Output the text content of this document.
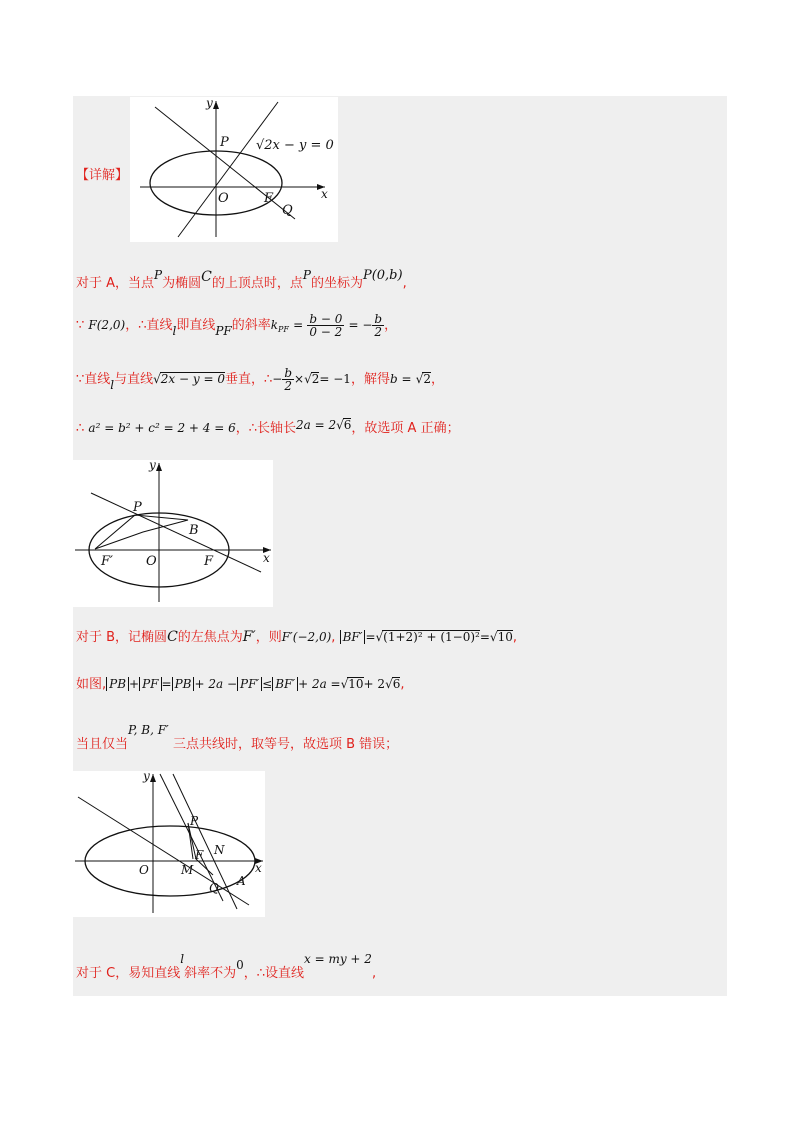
【详解】
y
x
P
O	F
Q
√2x − y = 0
对于 A，当点P为椭圆C的上顶点时，点P的坐标为P(0,b),
∵ F(2,0)，∴直线l即直线PF的斜率$k_{PF} = \frac{b - 0}{0 - 2}$ = − $\frac{b}{2}$ ，
∵直线l与直线√2x − y = 0垂直，∴− $\frac{b}{2} \times√2= -1$，解得b = √2，
∴ a² = b² + c² = 2 + 4 = 6，∴长轴长2a = 2√6，故选项 A 正确；
y
x
P
B
O	F
F′
对于 B，记椭圆C的左焦点为F′，则F′(−2,0), BF′ =√(1+2)² + (1−0)²=√10,
如图, PB + PF = PB + 2a − PF′ ≤ BF′ + 2a =√10+ 2√6,
当且仅当P, B, F′ 三点共线时，取等号，故选项 B 错误；
y
x
P
O
F
M
N
Q A
对于 C，易知直线l斜率不为0，∴设直线x = my + 2,
